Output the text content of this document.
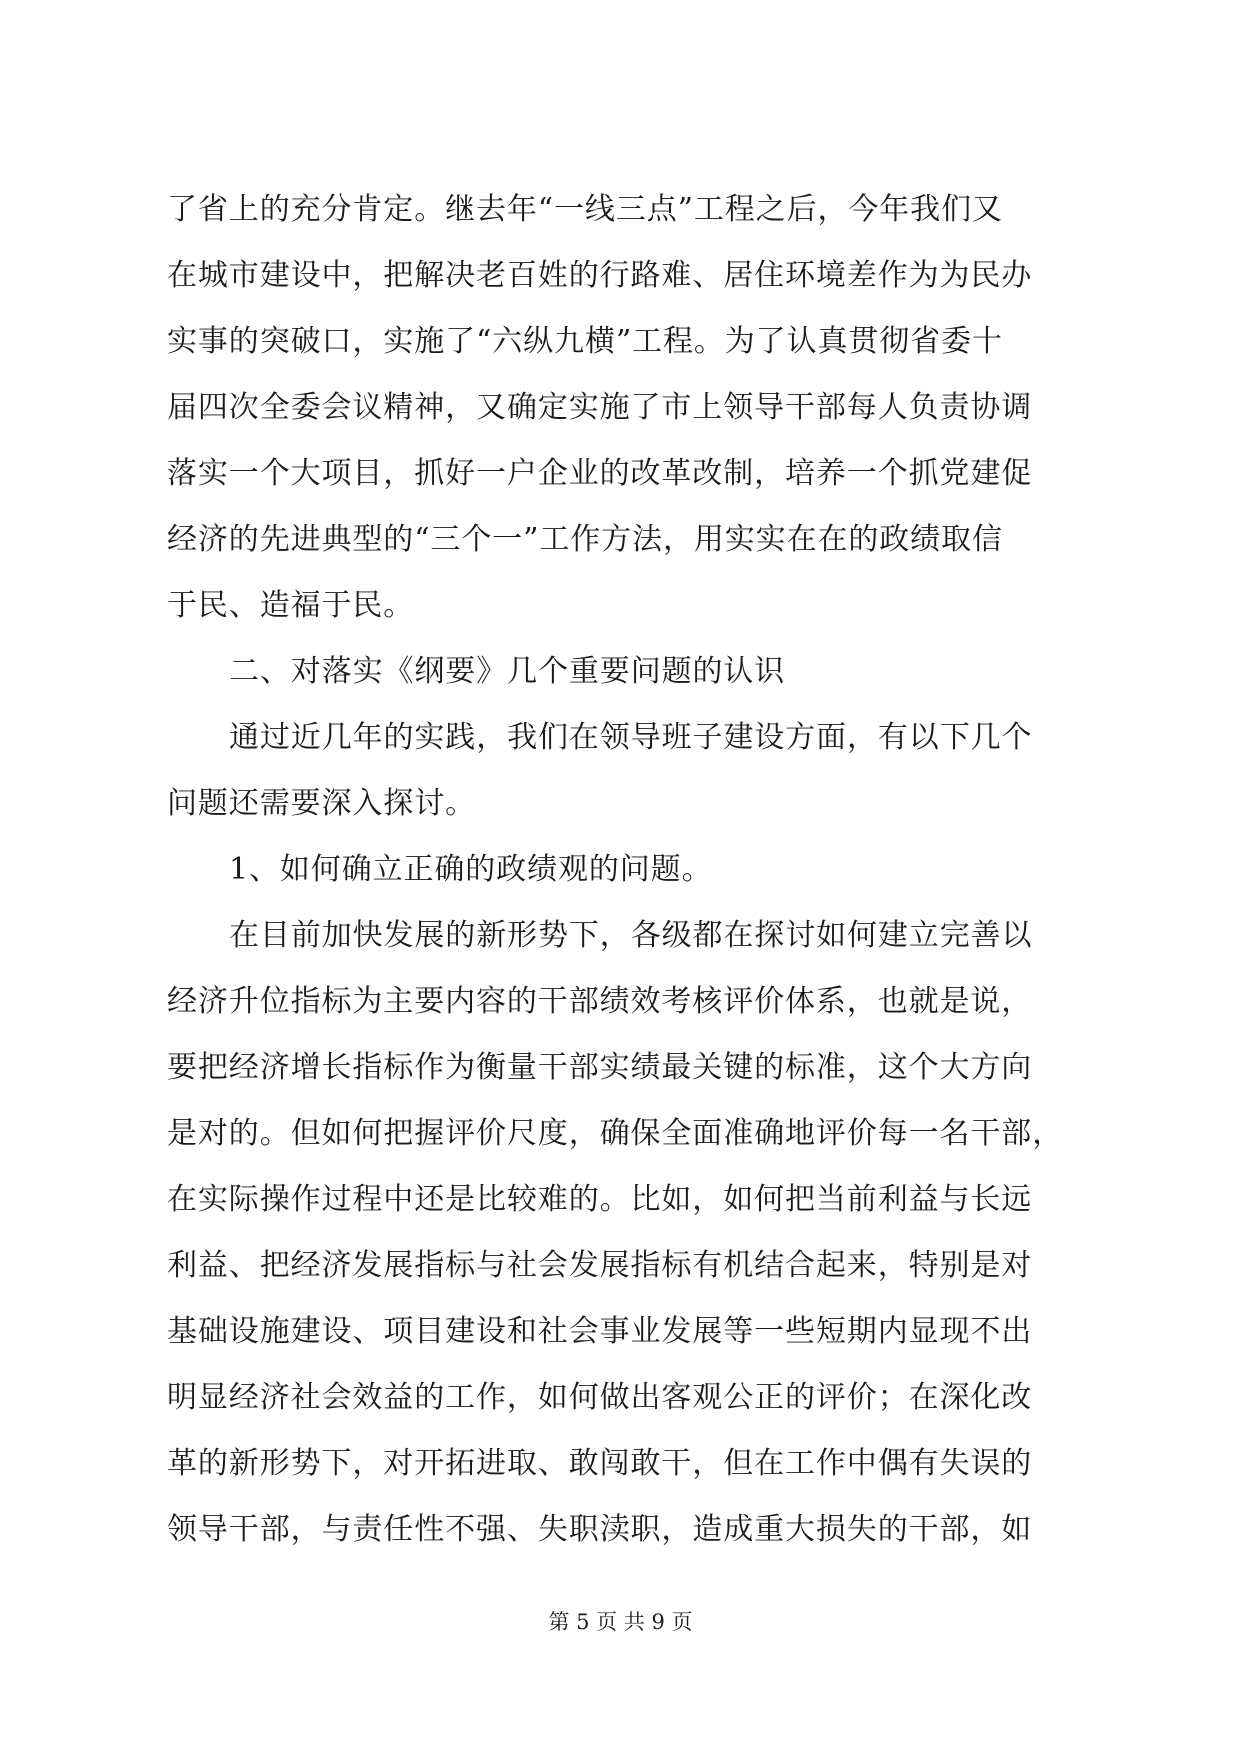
了省上的充分肯定。继去年“一线三点”工程之后，今年我们又
在城市建设中，把解决老百姓的行路难、居住环境差作为为民办
实事的突破口，实施了“六纵九横”工程。为了认真贯彻省委十
届四次全委会议精神，又确定实施了市上领导干部每人负责协调
落实一个大项目，抓好一户企业的改革改制，培养一个抓党建促
经济的先进典型的“三个一”工作方法，用实实在在的政绩取信
于民、造福于民。
二、对落实《纲要》几个重要问题的认识
通过近几年的实践，我们在领导班子建设方面，有以下几个
问题还需要深入探讨。
1、如何确立正确的政绩观的问题。
在目前加快发展的新形势下，各级都在探讨如何建立完善以
经济升位指标为主要内容的干部绩效考核评价体系，也就是说，
要把经济增长指标作为衡量干部实绩最关键的标准，这个大方向
是对的。但如何把握评价尺度，确保全面准确地评价每一名干部，
在实际操作过程中还是比较难的。比如，如何把当前利益与长远
利益、把经济发展指标与社会发展指标有机结合起来，特别是对
基础设施建设、项目建设和社会事业发展等一些短期内显现不出
明显经济社会效益的工作，如何做出客观公正的评价；在深化改
革的新形势下，对开拓进取、敢闯敢干，但在工作中偶有失误的
领导干部，与责任性不强、失职渎职，造成重大损失的干部，如
第 5 页 共 9 页
